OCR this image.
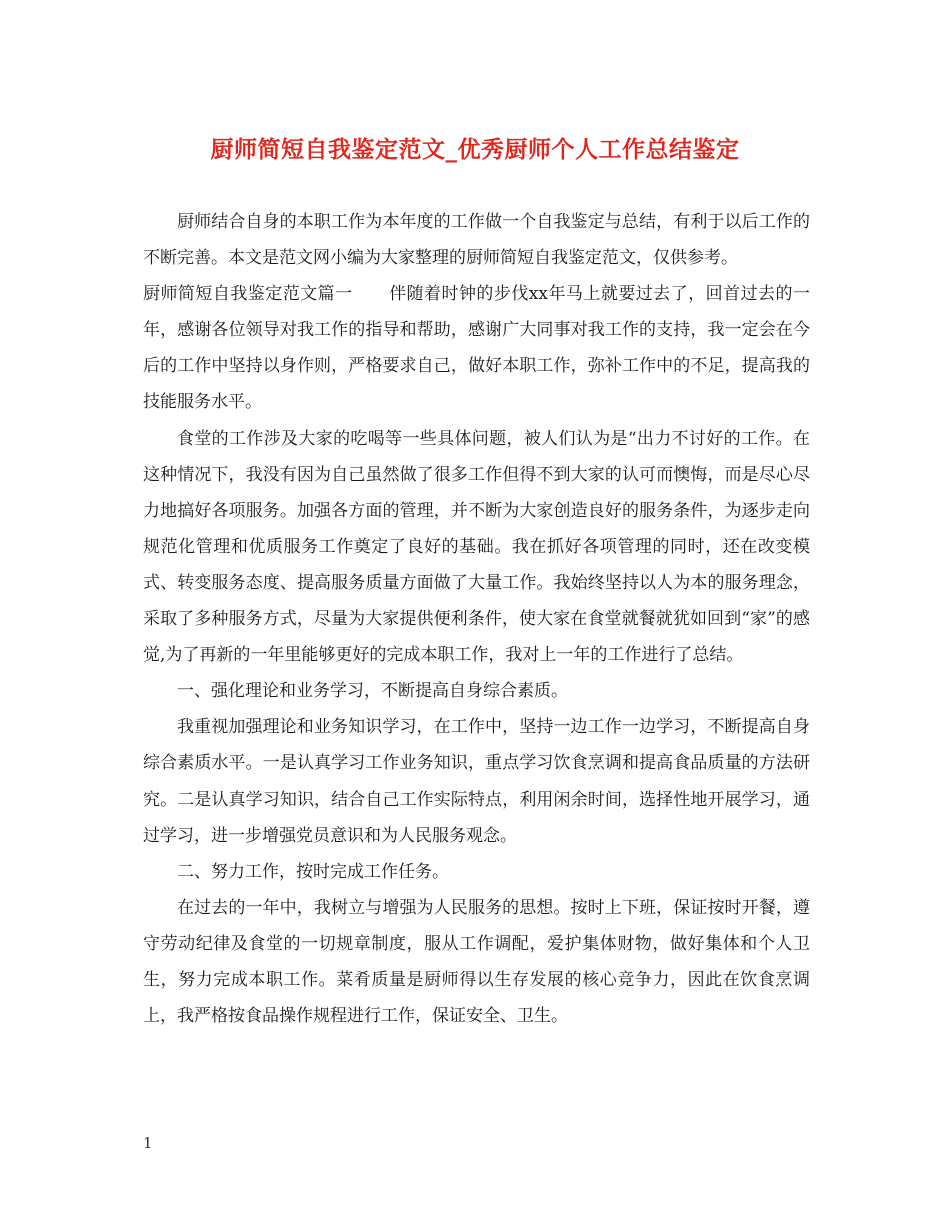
厨师简短自我鉴定范文_优秀厨师个人工作总结鉴定

厨师结合自身的本职工作为本年度的工作做一个自我鉴定与总结，有利于以后工作的不断完善。本文是范文网小编为大家整理的厨师简短自我鉴定范文，仅供参考。

厨师简短自我鉴定范文篇一 伴随着时钟的步伐xx年马上就要过去了，回首过去的一年，感谢各位领导对我工作的指导和帮助，感谢广大同事对我工作的支持，我一定会在今后的工作中坚持以身作则，严格要求自己，做好本职工作，弥补工作中的不足，提高我的技能服务水平。

食堂的工作涉及大家的吃喝等一些具体问题，被人们认为是“出力不讨好的工作。在这种情况下，我没有因为自己虽然做了很多工作但得不到大家的认可而懊悔，而是尽心尽力地搞好各项服务。加强各方面的管理，并不断为大家创造良好的服务条件，为逐步走向规范化管理和优质服务工作奠定了良好的基础。我在抓好各项管理的同时，还在改变模式、转变服务态度、提高服务质量方面做了大量工作。我始终坚持以人为本的服务理念，采取了多种服务方式，尽量为大家提供便利条件，使大家在食堂就餐就犹如回到“家”的感觉,为了再新的一年里能够更好的完成本职工作，我对上一年的工作进行了总结。

一、强化理论和业务学习，不断提高自身综合素质。

我重视加强理论和业务知识学习，在工作中，坚持一边工作一边学习，不断提高自身综合素质水平。一是认真学习工作业务知识，重点学习饮食烹调和提高食品质量的方法研究。二是认真学习知识，结合自己工作实际特点，利用闲余时间，选择性地开展学习，通过学习，进一步增强党员意识和为人民服务观念。

二、努力工作，按时完成工作任务。

在过去的一年中，我树立与增强为人民服务的思想。按时上下班，保证按时开餐，遵守劳动纪律及食堂的一切规章制度，服从工作调配，爱护集体财物，做好集体和个人卫生，努力完成本职工作。菜肴质量是厨师得以生存发展的核心竞争力，因此在饮食烹调上，我严格按食品操作规程进行工作，保证安全、卫生。

1
